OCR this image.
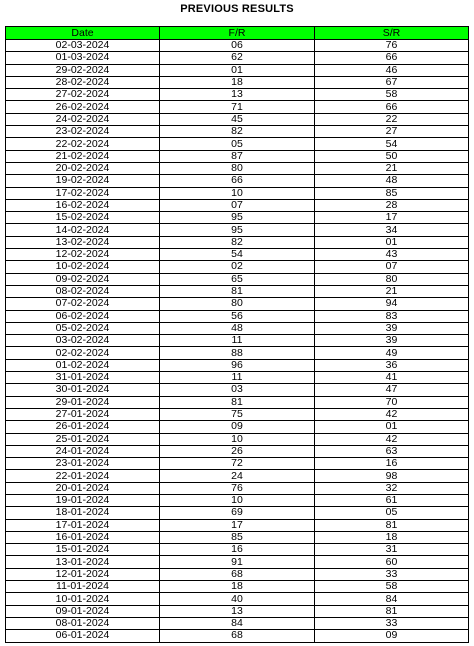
PREVIOUS RESULTS
Date	F/R	S/R
02-03-2024	06	76
01-03-2024	62	66
29-02-2024	01	46
28-02-2024	18	67
27-02-2024	13	58
26-02-2024	71	66
24-02-2024	45	22
23-02-2024	82	27
22-02-2024	05	54
21-02-2024	87	50
20-02-2024	80	21
19-02-2024	66	48
17-02-2024	10	85
16-02-2024	07	28
15-02-2024	95	17
14-02-2024	95	34
13-02-2024	82	01
12-02-2024	54	43
10-02-2024	02	07
09-02-2024	65	80
08-02-2024	81	21
07-02-2024	80	94
06-02-2024	56	83
05-02-2024	48	39
03-02-2024	11	39
02-02-2024	88	49
01-02-2024	96	36
31-01-2024	11	41
30-01-2024	03	47
29-01-2024	81	70
27-01-2024	75	42
26-01-2024	09	01
25-01-2024	10	42
24-01-2024	26	63
23-01-2024	72	16
22-01-2024	24	98
20-01-2024	76	32
19-01-2024	10	61
18-01-2024	69	05
17-01-2024	17	81
16-01-2024	85	18
15-01-2024	16	31
13-01-2024	91	60
12-01-2024	68	33
11-01-2024	18	58
10-01-2024	40	84
09-01-2024	13	81
08-01-2024	84	33
06-01-2024	68	09
